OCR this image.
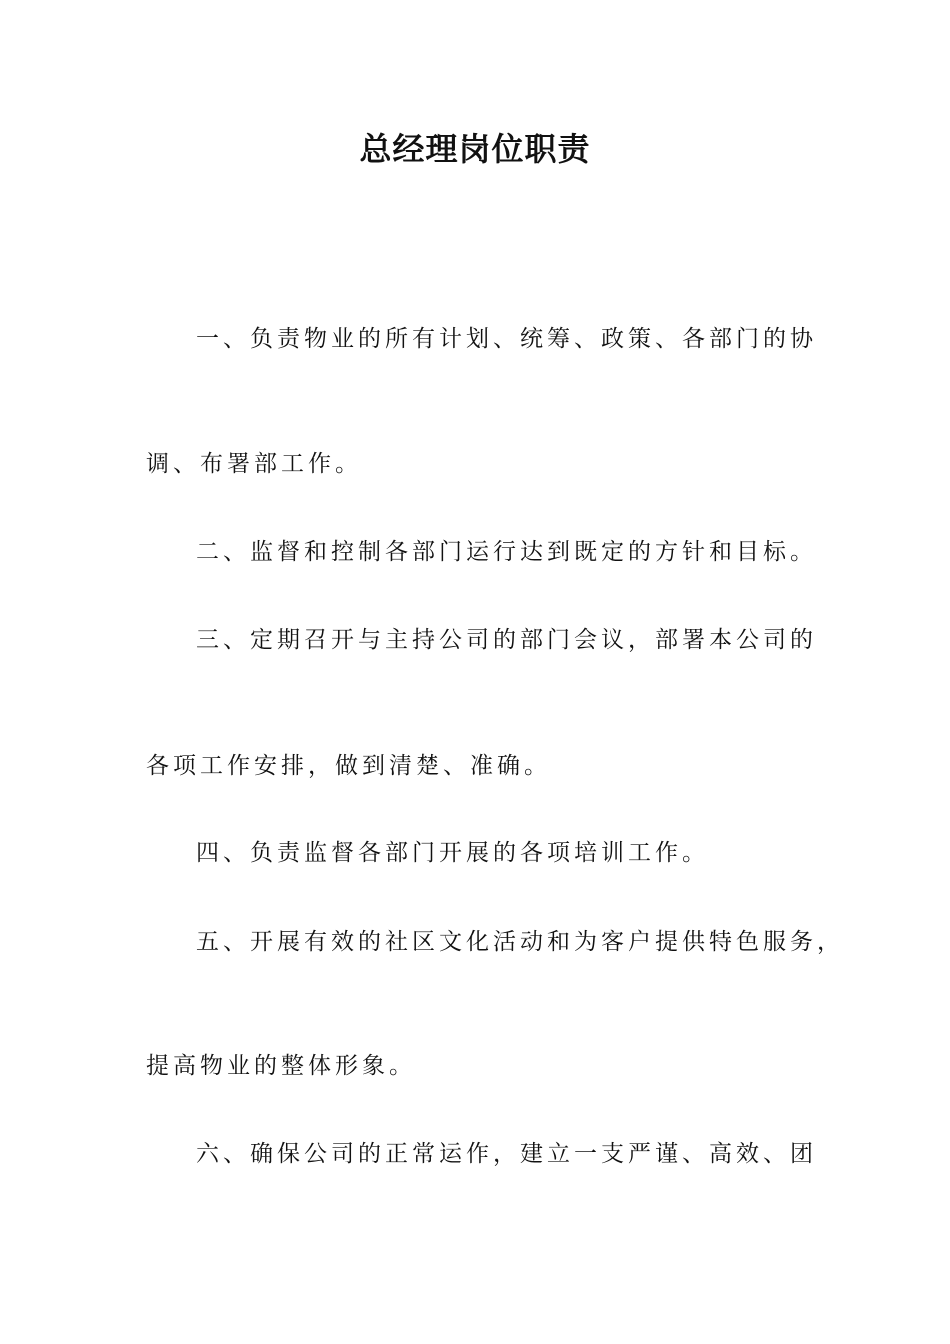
总经理岗位职责
一、负责物业的所有计划、统筹、政策、各部门的协
调、布署部工作。
二、监督和控制各部门运行达到既定的方针和目标。
三、定期召开与主持公司的部门会议，部署本公司的
各项工作安排，做到清楚、准确。
四、负责监督各部门开展的各项培训工作。
五、开展有效的社区文化活动和为客户提供特色服务，
提高物业的整体形象。
六、确保公司的正常运作，建立一支严谨、高效、团
